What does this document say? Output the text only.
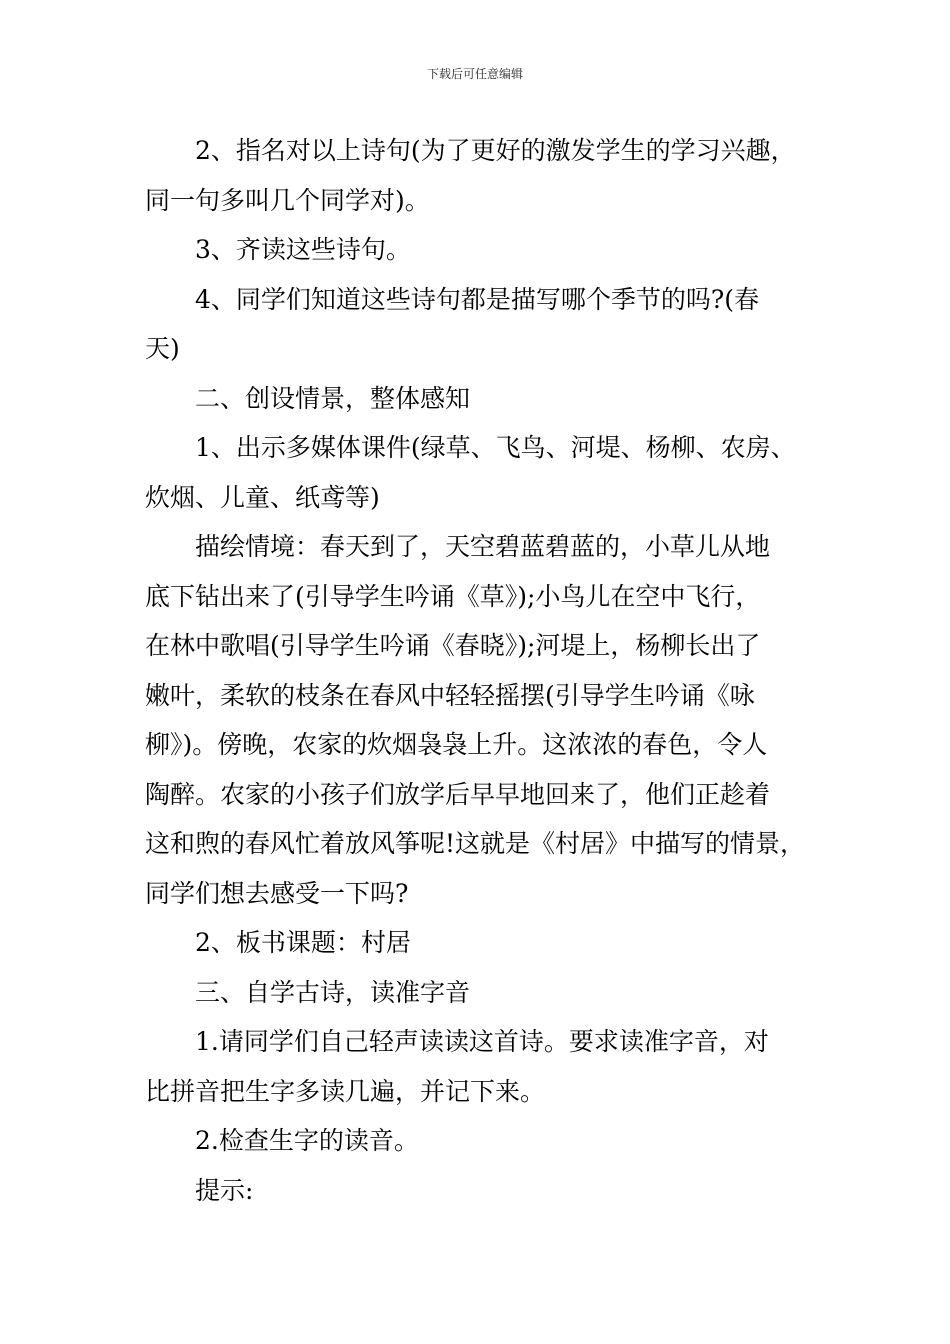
下载后可任意编辑

2、指名对以上诗句(为了更好的激发学生的学习兴趣，

同一句多叫几个同学对)。

3、齐读这些诗句。

4、同学们知道这些诗句都是描写哪个季节的吗?(春

天)

二、创设情景，整体感知

1、出示多媒体课件(绿草、飞鸟、河堤、杨柳、农房、

炊烟、儿童、纸鸢等)

描绘情境：春天到了，天空碧蓝碧蓝的，小草儿从地

底下钻出来了(引导学生吟诵《草》);小鸟儿在空中飞行，

在林中歌唱(引导学生吟诵《春晓》);河堤上，杨柳长出了

嫩叶，柔软的枝条在春风中轻轻摇摆(引导学生吟诵《咏

柳》)。傍晚，农家的炊烟袅袅上升。这浓浓的春色，令人

陶醉。农家的小孩子们放学后早早地回来了，他们正趁着

这和煦的春风忙着放风筝呢!这就是《村居》中描写的情景，

同学们想去感受一下吗?

2、板书课题：村居

三、自学古诗，读准字音

1.请同学们自己轻声读读这首诗。要求读准字音，对

比拼音把生字多读几遍，并记下来。

2.检查生字的读音。

提示:
